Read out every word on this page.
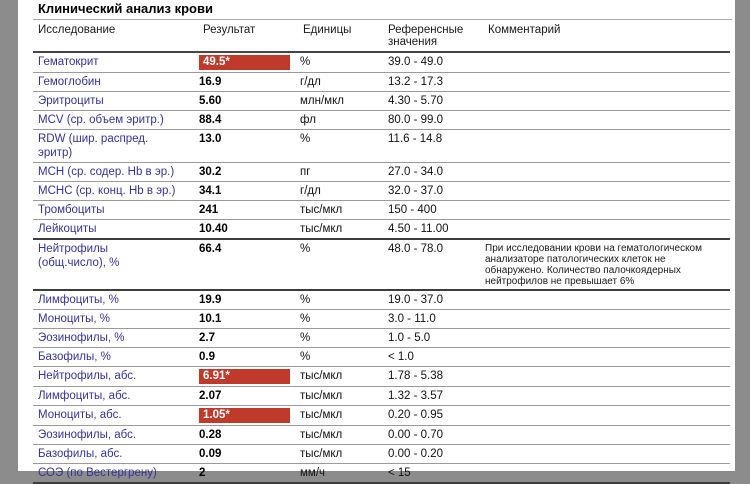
Клинический анализ крови
Исследование	Результат	Единицы	Референсные значения	Комментарий
Гематокрит	49.5*	%	39.0 - 49.0	
Гемоглобин	16.9	г/дл	13.2 - 17.3	
Эритроциты	5.60	млн/мкл	4.30 - 5.70	
MCV (ср. объем эритр.)	88.4	фл	80.0 - 99.0	
RDW (шир. распред. эритр)	13.0	%	11.6 - 14.8	
MCH (ср. содер. Hb в эр.)	30.2	пг	27.0 - 34.0	
MCHC (ср. конц. Hb в эр.)	34.1	г/дл	32.0 - 37.0	
Тромбоциты	241	тыс/мкл	150 - 400	
Лейкоциты	10.40	тыс/мкл	4.50 - 11.00	
Нейтрофилы (общ.число), %	66.4	%	48.0 - 78.0	При исследовании крови на гематологическом анализаторе патологических клеток не обнаружено. Количество палочкоядерных нейтрофилов не превышает 6%
Лимфоциты, %	19.9	%	19.0 - 37.0	
Моноциты, %	10.1	%	3.0 - 11.0	
Эозинофилы, %	2.7	%	1.0 - 5.0	
Базофилы, %	0.9	%	< 1.0	
Нейтрофилы, абс.	6.91*	тыс/мкл	1.78 - 5.38	
Лимфоциты, абс.	2.07	тыс/мкл	1.32 - 3.57	
Моноциты, абс.	1.05*	тыс/мкл	0.20 - 0.95	
Эозинофилы, абс.	0.28	тыс/мкл	0.00 - 0.70	
Базофилы, абс.	0.09	тыс/мкл	0.00 - 0.20	
СОЭ (по Вестергрену)	2	мм/ч	< 15	
